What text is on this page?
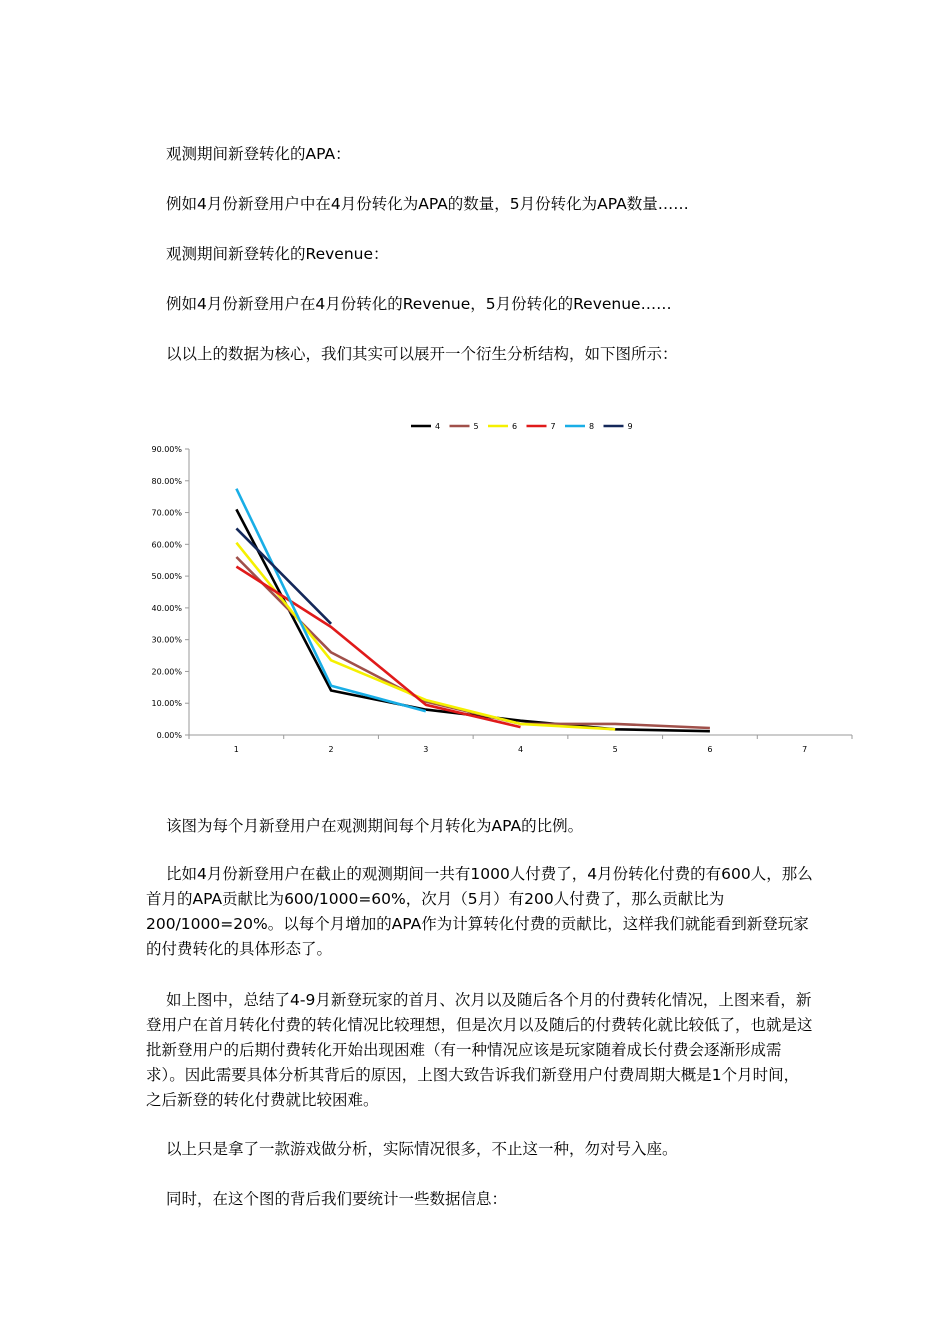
观测期间新登转化的APA：
例如4月份新登用户中在4月份转化为APA的数量，5月份转化为APA数量……
观测期间新登转化的Revenue：
例如4月份新登用户在4月份转化的Revenue，5月份转化的Revenue……
以以上的数据为核心，我们其实可以展开一个衍生分析结构，如下图所示：
4	5	6	7	8	9
0.00%
10.00%
20.00%
30.00%
40.00%
50.00%
60.00%
70.00%
80.00%
90.00%
1	2	3	4	5	6	7
该图为每个月新登用户在观测期间每个月转化为APA的比例。

比如4月份新登用户在截止的观测期间一共有1000人付费了，4月份转化付费的有600人，那么首月的APA贡献比为600/1000=60%，次月（5月）有200人付费了，那么贡献比为200/1000=20%。以每个月增加的APA作为计算转化付费的贡献比，这样我们就能看到新登玩家的付费转化的具体形态了。

如上图中，总结了4-9月新登玩家的首月、次月以及随后各个月的付费转化情况，上图来看，新登用户在首月转化付费的转化情况比较理想，但是次月以及随后的付费转化就比较低了，也就是这批新登用户的后期付费转化开始出现困难（有一种情况应该是玩家随着成长付费会逐渐形成需求）。因此需要具体分析其背后的原因，上图大致告诉我们新登用户付费周期大概是1个月时间，之后新登的转化付费就比较困难。

以上只是拿了一款游戏做分析，实际情况很多，不止这一种，勿对号入座。
同时，在这个图的背后我们要统计一些数据信息：
